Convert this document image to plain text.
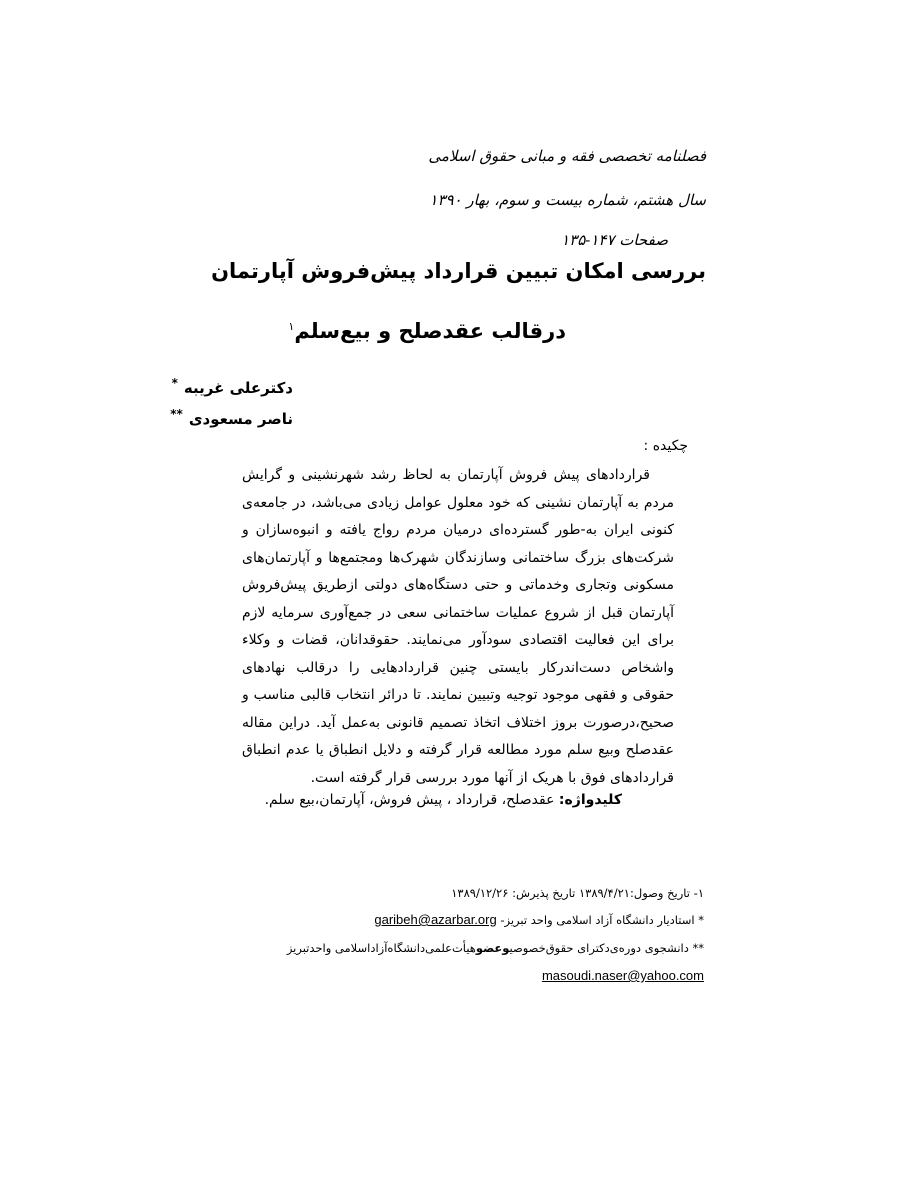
فصلنامه تخصصی فقه و مبانی حقوق اسلامی
سال هشتم، شماره بیست و سوم، بهار ۱۳۹۰
صفحات ۱۴۷-۱۳۵
بررسی امکان تبیین قرارداد پیش‌فروش آپارتمان
درقالب عقدصلح و بیع‌سلم$^۱$
دکترعلی غریبه*
ناصر مسعودی**
چکیده :
قراردادهای پیش فروش آپارتمان به لحاظ رشد شهرنشینی و گرایش مردم به آپارتمان نشینی که خود معلول عوامل زیادی می‌باشد، در جامعه‌ی کنونی ایران به-طور گسترده‌ای درمیان مردم رواج یافته و انبوه‌سازان و شرکت‌های بزرگ ساختمانی وسازندگان شهرک‌ها ومجتمع‌ها و آپارتمان‌های مسکونی وتجاری وخدماتی و حتی دستگاه‌های دولتی ازطریق پیش‌فروش آپارتمان قبل از شروع عملیات ساختمانی سعی در جمع‌آوری سرمایه لازم برای این فعالیت اقتصادی سودآور می‌نمایند. حقوقدانان، قضات و وکلاء واشخاص دست‌اندرکار بایستی چنین قراردادهایی را درقالب نهادهای حقوقی و فقهی موجود توجیه وتبیین نمایند. تا درائر انتخاب قالبی مناسب و صحیح،درصورت بروز اختلاف اتخاذ تصمیم قانونی به‌عمل آید. دراین مقاله عقدصلح وبیع سلم مورد مطالعه قرار گرفته و دلایل انطباق یا عدم انطباق قراردادهای فوق با هریک از آنها مورد بررسی قرار گرفته است.
کلیدواژه: عقدصلح، قرارداد ، پیش فروش، آپارتمان،بیع سلم.
۱- تاریخ وصول:۱۳۸۹/۴/۲۱ تاریخ پذیرش: ۱۳۸۹/۱۲/۲۶
* استادیار دانشگاه آزاد اسلامی واحد تبریز- garibeh@azarbar.org
** دانشجوی دوره‌ی‌دکترای حقوق‌خصوصیوعضوهیأت‌علمی‌دانشگاه‌آزاداسلامی واحدتبریز
masoudi.naser@yahoo.com
